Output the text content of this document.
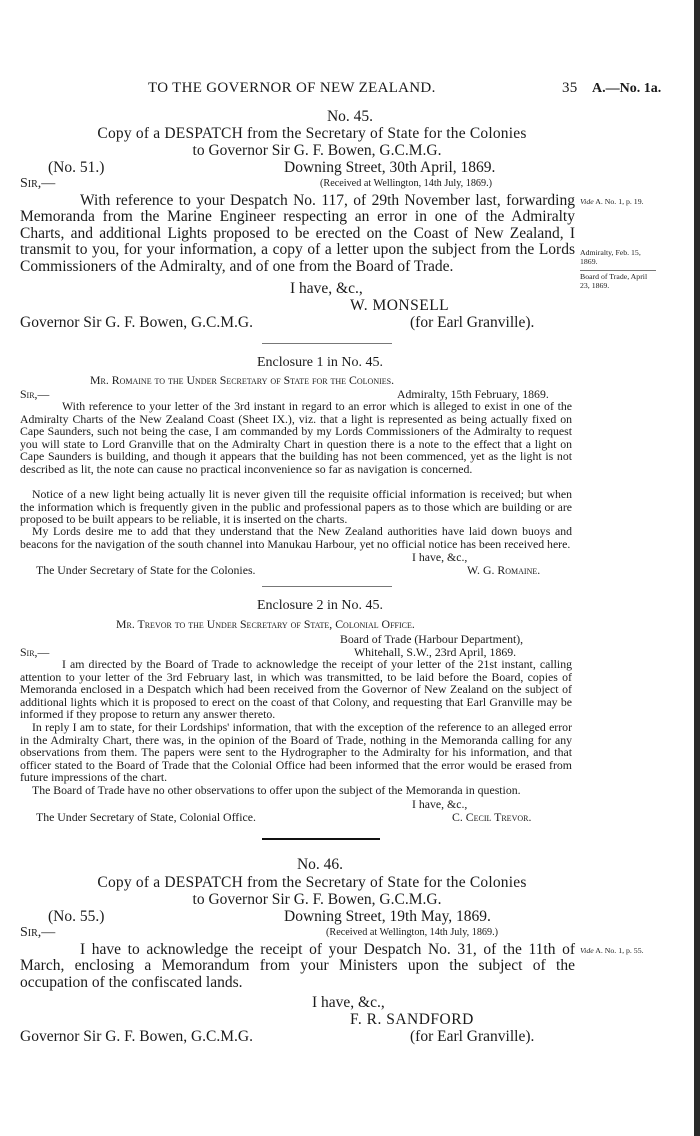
TO THE GOVERNOR OF NEW ZEALAND.	35 A.—No. 1a.
No. 45.
Copy of a DESPATCH from the Secretary of State for the Colonies
to Governor Sir G. F. Bowen, G.C.M.G.
(No. 51.)	Downing Street, 30th April, 1869.
Sir,—	(Received at Wellington, 14th July, 1869.)
With reference to your Despatch No. 117, of 29th November last, forwarding Memoranda from the Marine Engineer respecting an error in one of the Admiralty Charts, and additional Lights proposed to be erected on the Coast of New Zealand, I transmit to you, for your information, a copy of a letter upon the subject from the Lords Commissioners of the Admiralty, and of one from the Board of Trade.
Vide A. No. 1, p. 19.
Admiralty, Feb. 15, 1869.
Board of Trade, April 23, 1869.
I have, &c.,
W. MONSELL
Governor Sir G. F. Bowen, G.C.M.G.	(for Earl Granville).
Enclosure 1 in No. 45.
Mr. Romaine to the Under Secretary of State for the Colonies.
Sir,—	Admiralty, 15th February, 1869.
With reference to your letter of the 3rd instant in regard to an error which is alleged to exist in one of the Admiralty Charts of the New Zealand Coast (Sheet IX.), viz. that a light is represented as being actually fixed on Cape Saunders, such not being the case, I am commanded by my Lords Commissioners of the Admiralty to request you will state to Lord Granville that on the Admiralty Chart in question there is a note to the effect that a light on Cape Saunders is building, and though it appears that the building has not been commenced, yet as the light is not described as lit, the note can cause no practical inconvenience so far as navigation is concerned.
Notice of a new light being actually lit is never given till the requisite official information is received; but when the information which is frequently given in the public and professional papers as to those which are building or are proposed to be built appears to be reliable, it is inserted on the charts.
My Lords desire me to add that they understand that the New Zealand authorities have laid down buoys and beacons for the navigation of the south channel into Manukau Harbour, yet no official notice has been received here.
I have, &c.,
The Under Secretary of State for the Colonies.	W. G. Romaine.
Enclosure 2 in No. 45.
Mr. Trevor to the Under Secretary of State, Colonial Office.
Board of Trade (Harbour Department),
Sir,—	Whitehall, S.W., 23rd April, 1869.
I am directed by the Board of Trade to acknowledge the receipt of your letter of the 21st instant, calling attention to your letter of the 3rd February last, in which was transmitted, to be laid before the Board, copies of Memoranda enclosed in a Despatch which had been received from the Governor of New Zealand on the subject of additional lights which it is proposed to erect on the coast of that Colony, and requesting that Earl Granville may be informed if they propose to return any answer thereto.
In reply I am to state, for their Lordships' information, that with the exception of the reference to an alleged error in the Admiralty Chart, there was, in the opinion of the Board of Trade, nothing in the Memoranda calling for any observations from them. The papers were sent to the Hydrographer to the Admiralty for his information, and that officer stated to the Board of Trade that the Colonial Office had been informed that the error would be erased from future impressions of the chart.
The Board of Trade have no other observations to offer upon the subject of the Memoranda in question.
I have, &c.,
The Under Secretary of State, Colonial Office.	C. Cecil Trevor.
No. 46.
Copy of a DESPATCH from the Secretary of State for the Colonies
to Governor Sir G. F. Bowen, G.C.M.G.
(No. 55.)	Downing Street, 19th May, 1869.
Sir,—	(Received at Wellington, 14th July, 1869.)
I have to acknowledge the receipt of your Despatch No. 31, of the 11th of March, enclosing a Memorandum from your Ministers upon the subject of the occupation of the confiscated lands.
Vide A. No. 1, p. 55.
I have, &c.,
F. R. SANDFORD
Governor Sir G. F. Bowen, G.C.M.G.	(for Earl Granville).
